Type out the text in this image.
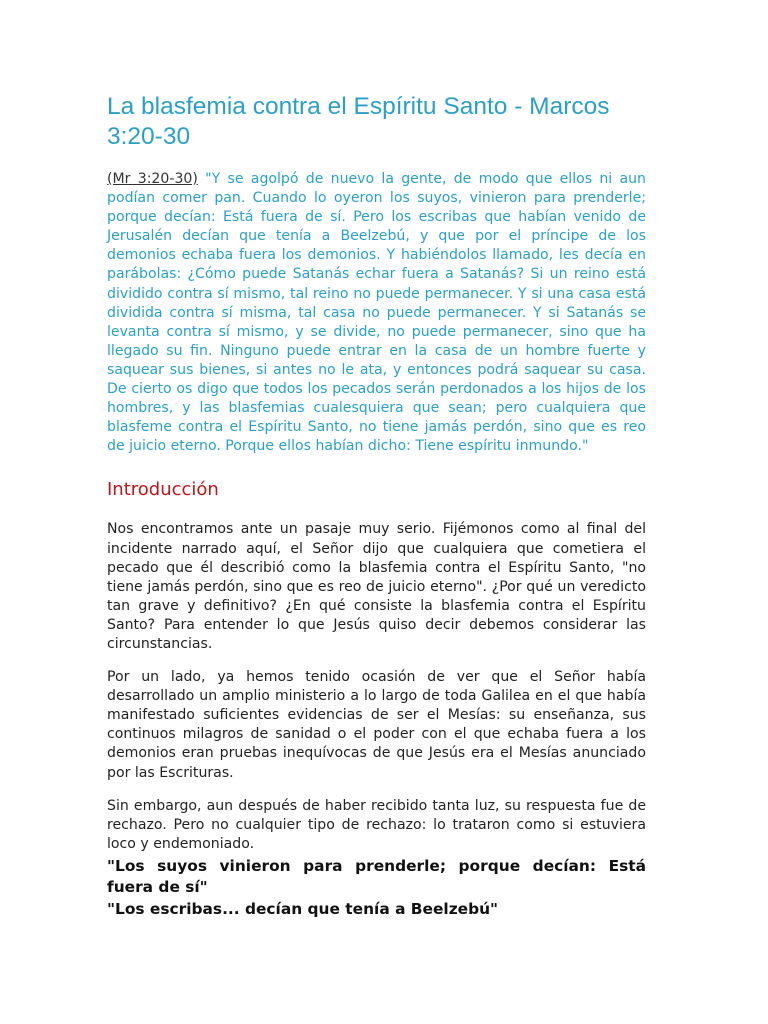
La blasfemia contra el Espíritu Santo - Marcos 3:20-30

(Mr 3:20-30) "Y se agolpó de nuevo la gente, de modo que ellos ni aun podían comer pan. Cuando lo oyeron los suyos, vinieron para prenderle; porque decían: Está fuera de sí. Pero los escribas que habían venido de Jerusalén decían que tenía a Beelzebú, y que por el príncipe de los demonios echaba fuera los demonios. Y habiéndolos llamado, les decía en parábolas: ¿Cómo puede Satanás echar fuera a Satanás? Si un reino está dividido contra sí mismo, tal reino no puede permanecer. Y si una casa está dividida contra sí misma, tal casa no puede permanecer. Y si Satanás se levanta contra sí mismo, y se divide, no puede permanecer, sino que ha llegado su fin. Ninguno puede entrar en la casa de un hombre fuerte y saquear sus bienes, si antes no le ata, y entonces podrá saquear su casa. De cierto os digo que todos los pecados serán perdonados a los hijos de los hombres, y las blasfemias cualesquiera que sean; pero cualquiera que blasfeme contra el Espíritu Santo, no tiene jamás perdón, sino que es reo de juicio eterno. Porque ellos habían dicho: Tiene espíritu inmundo."

Introducción

Nos encontramos ante un pasaje muy serio. Fijémonos como al final del incidente narrado aquí, el Señor dijo que cualquiera que cometiera el pecado que él describió como la blasfemia contra el Espíritu Santo, "no tiene jamás perdón, sino que es reo de juicio eterno". ¿Por qué un veredicto tan grave y definitivo? ¿En qué consiste la blasfemia contra el Espíritu Santo? Para entender lo que Jesús quiso decir debemos considerar las circunstancias.

Por un lado, ya hemos tenido ocasión de ver que el Señor había desarrollado un amplio ministerio a lo largo de toda Galilea en el que había manifestado suficientes evidencias de ser el Mesías: su enseñanza, sus continuos milagros de sanidad o el poder con el que echaba fuera a los demonios eran pruebas inequívocas de que Jesús era el Mesías anunciado por las Escrituras.

Sin embargo, aun después de haber recibido tanta luz, su respuesta fue de rechazo. Pero no cualquier tipo de rechazo: lo trataron como si estuviera loco y endemoniado.

"Los suyos vinieron para prenderle; porque decían: Está fuera de sí"

"Los escribas... decían que tenía a Beelzebú"
